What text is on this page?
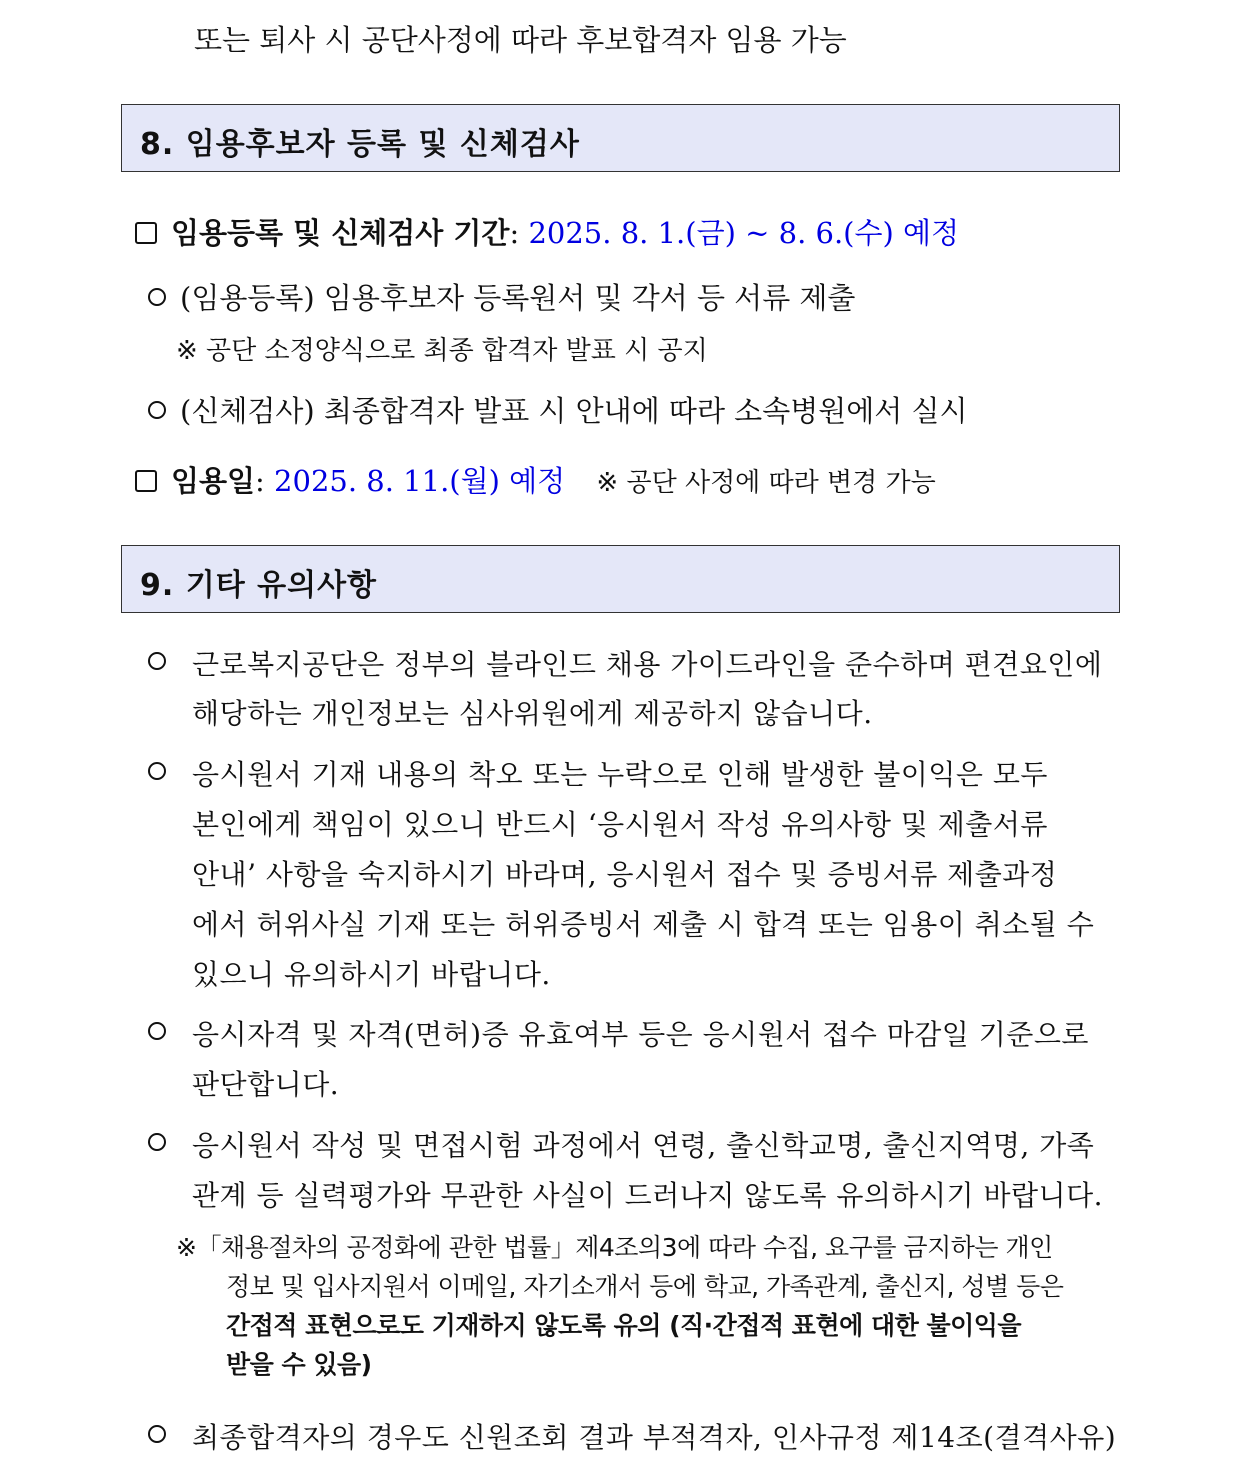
또는 퇴사 시 공단사정에 따라 후보합격자 임용 가능
8. 임용후보자 등록 및 신체검사
임용등록 및 신체검사 기간: 2025. 8. 1.(금) ~ 8. 6.(수) 예정
(임용등록) 임용후보자 등록원서 및 각서 등 서류 제출
※ 공단 소정양식으로 최종 합격자 발표 시 공지
(신체검사) 최종합격자 발표 시 안내에 따라 소속병원에서 실시
임용일: 2025. 8. 11.(월) 예정 ※ 공단 사정에 따라 변경 가능
9. 기타 유의사항
근로복지공단은 정부의 블라인드 채용 가이드라인을 준수하며 편견요인에
해당하는 개인정보는 심사위원에게 제공하지 않습니다.
응시원서 기재 내용의 착오 또는 누락으로 인해 발생한 불이익은 모두
본인에게 책임이 있으니 반드시 ‘응시원서 작성 유의사항 및 제출서류
안내’ 사항을 숙지하시기 바라며, 응시원서 접수 및 증빙서류 제출과정
에서 허위사실 기재 또는 허위증빙서 제출 시 합격 또는 임용이 취소될 수
있으니 유의하시기 바랍니다.
응시자격 및 자격(면허)증 유효여부 등은 응시원서 접수 마감일 기준으로
판단합니다.
응시원서 작성 및 면접시험 과정에서 연령, 출신학교명, 출신지역명, 가족
관계 등 실력평가와 무관한 사실이 드러나지 않도록 유의하시기 바랍니다.
※「채용절차의 공정화에 관한 법률」제4조의3에 따라 수집, 요구를 금지하는 개인
정보 및 입사지원서 이메일, 자기소개서 등에 학교, 가족관계, 출신지, 성별 등은
간접적 표현으로도 기재하지 않도록 유의 (직·간접적 표현에 대한 불이익을
받을 수 있음)
최종합격자의 경우도 신원조회 결과 부적격자, 인사규정 제14조(결격사유)
